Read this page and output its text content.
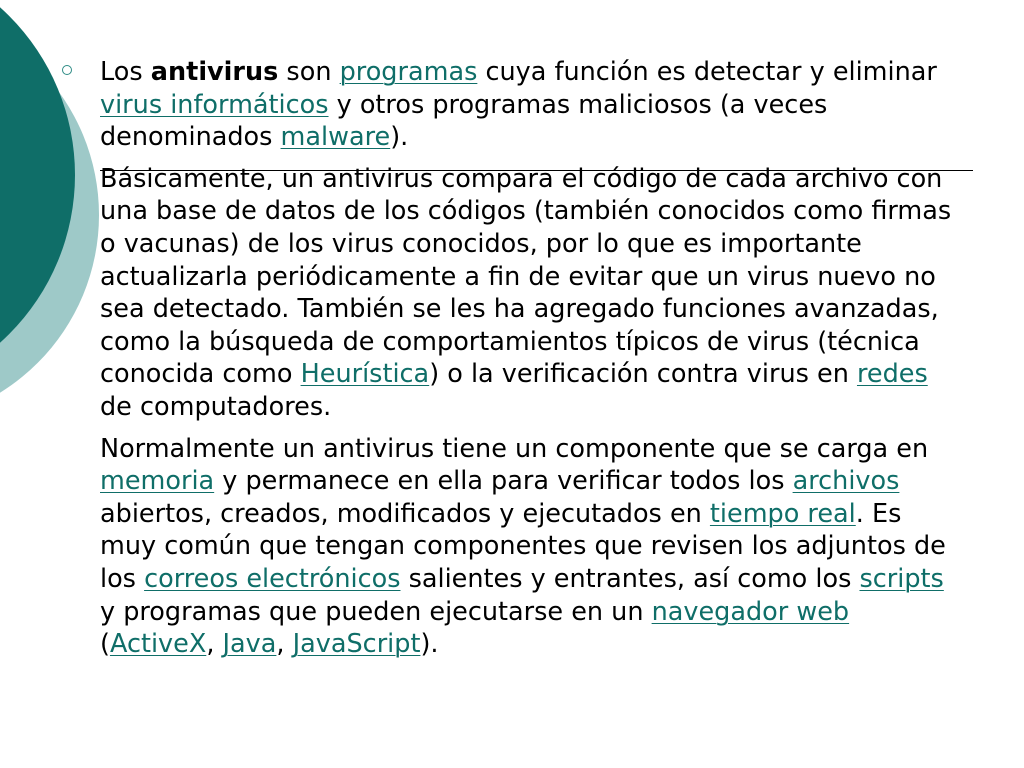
Los antivirus son programas cuya función es detectar y eliminar virus informáticos y otros programas maliciosos (a veces denominados malware).

Básicamente, un antivirus compara el código de cada archivo con una base de datos de los códigos (también conocidos como firmas o vacunas) de los virus conocidos, por lo que es importante actualizarla periódicamente a fin de evitar que un virus nuevo no sea detectado. También se les ha agregado funciones avanzadas, como la búsqueda de comportamientos típicos de virus (técnica conocida como Heurística) o la verificación contra virus en redes de computadores.

Normalmente un antivirus tiene un componente que se carga en memoria y permanece en ella para verificar todos los archivos abiertos, creados, modificados y ejecutados en tiempo real. Es muy común que tengan componentes que revisen los adjuntos de los correos electrónicos salientes y entrantes, así como los scripts y programas que pueden ejecutarse en un navegador web (ActiveX, Java, JavaScript).
